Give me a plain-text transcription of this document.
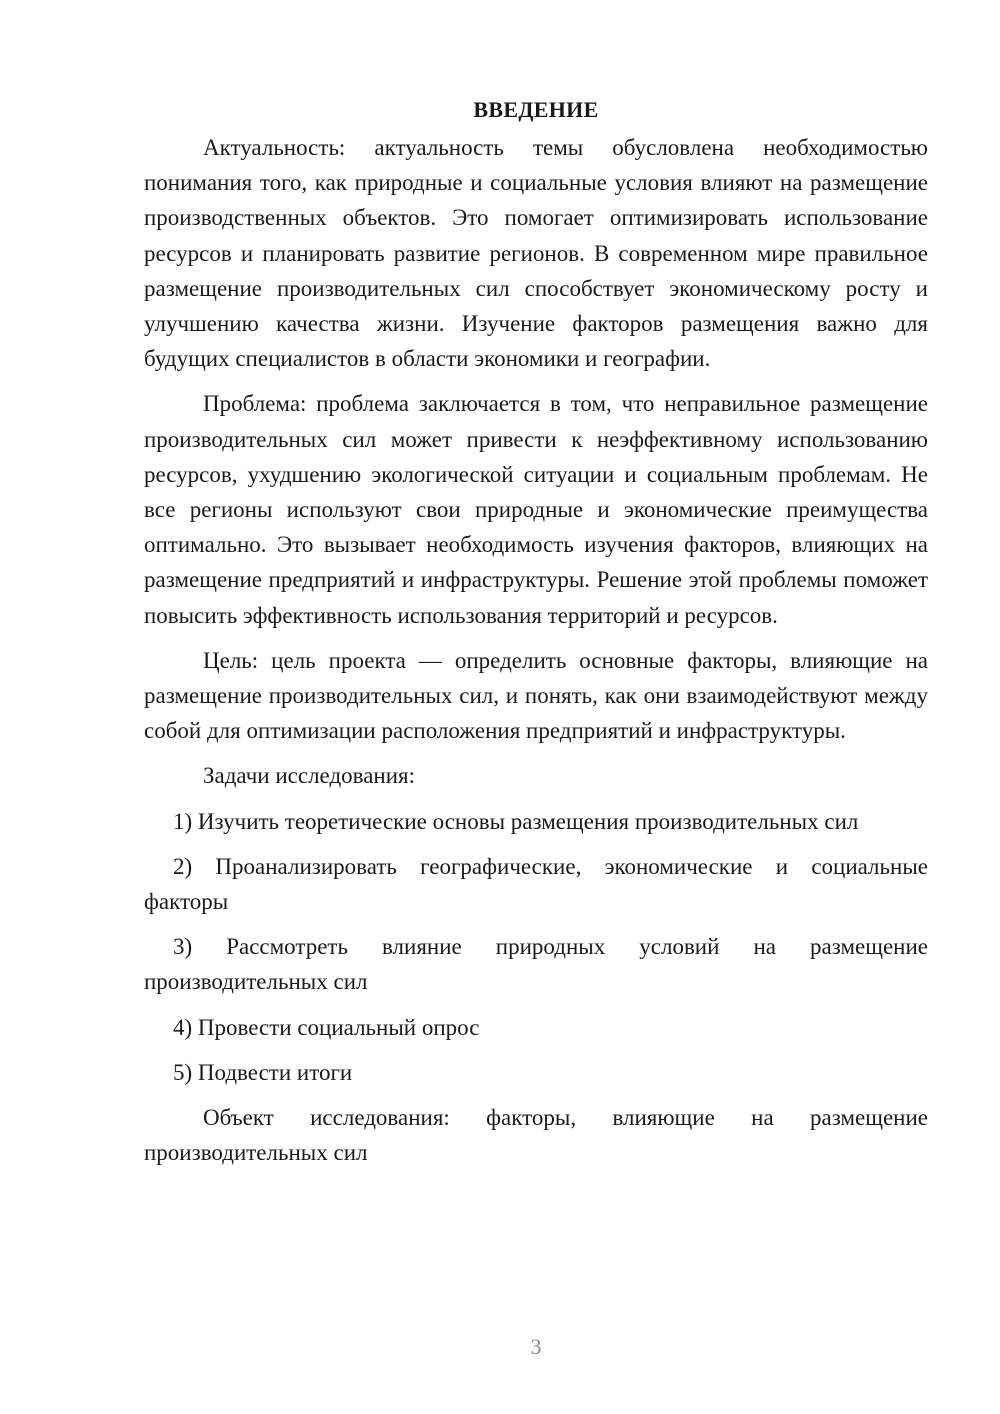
ВВЕДЕНИЕ

Актуальность: актуальность темы обусловлена необходимостью понимания того, как природные и социальные условия влияют на размещение производственных объектов. Это помогает оптимизировать использование ресурсов и планировать развитие регионов. В современном мире правильное размещение производительных сил способствует экономическому росту и улучшению качества жизни. Изучение факторов размещения важно для будущих специалистов в области экономики и географии.

Проблема: проблема заключается в том, что неправильное размещение производительных сил может привести к неэффективному использованию ресурсов, ухудшению экологической ситуации и социальным проблемам. Не все регионы используют свои природные и экономические преимущества оптимально. Это вызывает необходимость изучения факторов, влияющих на размещение предприятий и инфраструктуры. Решение этой проблемы поможет повысить эффективность использования территорий и ресурсов.

Цель: цель проекта — определить основные факторы, влияющие на размещение производительных сил, и понять, как они взаимодействуют между собой для оптимизации расположения предприятий и инфраструктуры.

Задачи исследования:

1) Изучить теоретические основы размещения производительных сил

2) Проанализировать географические, экономические и социальные факторы

3) Рассмотреть влияние природных условий на размещение производительных сил

4) Провести социальный опрос

5) Подвести итоги

Объект исследования: факторы, влияющие на размещение производительных сил

3
